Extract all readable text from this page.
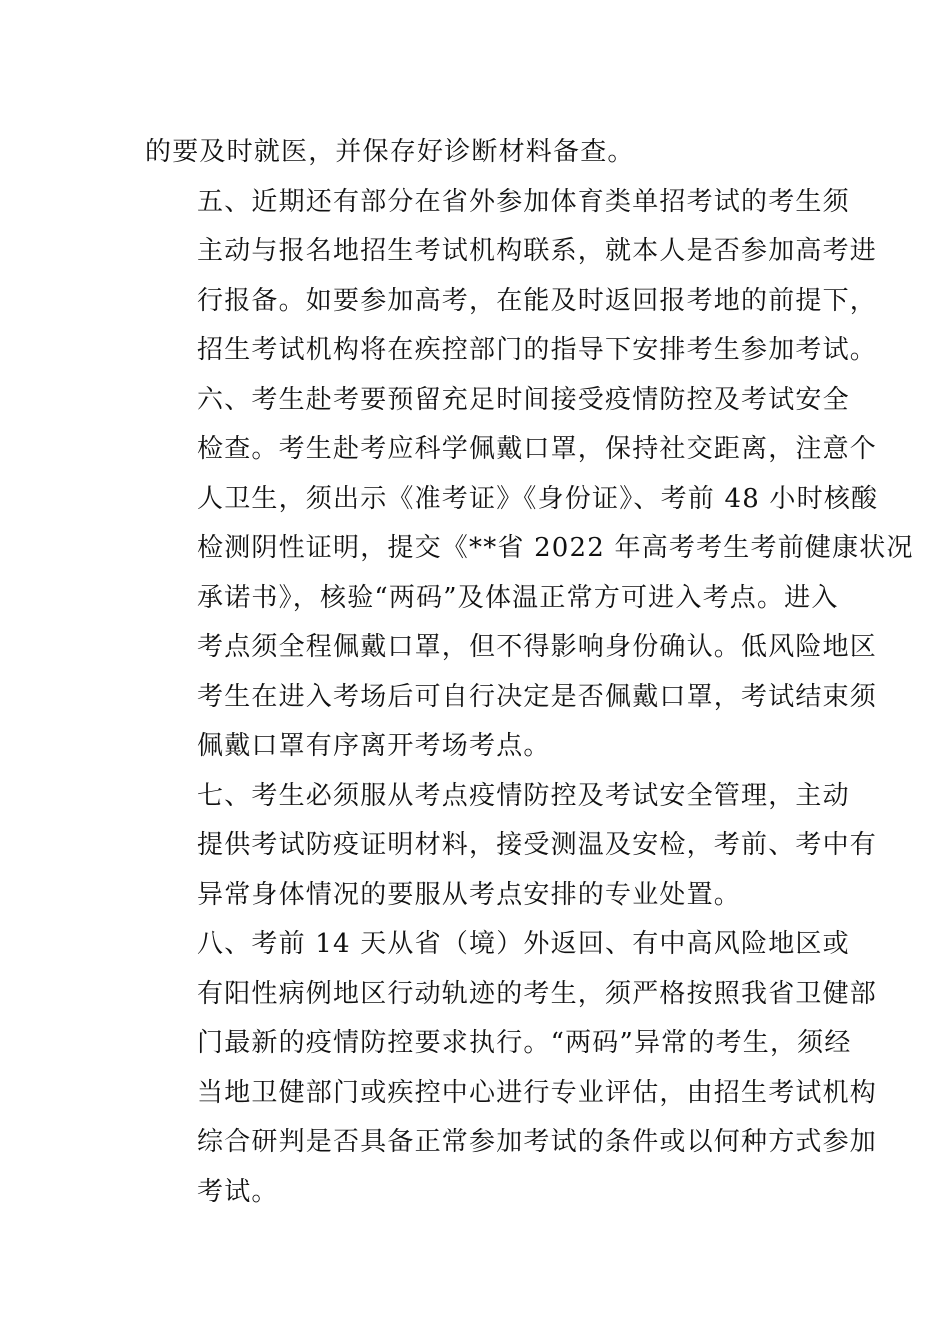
的要及时就医，并保存好诊断材料备查。
五、近期还有部分在省外参加体育类单招考试的考生须
主动与报名地招生考试机构联系，就本人是否参加高考进
行报备。如要参加高考，在能及时返回报考地的前提下，
招生考试机构将在疾控部门的指导下安排考生参加考试。
六、考生赴考要预留充足时间接受疫情防控及考试安全
检查。考生赴考应科学佩戴口罩，保持社交距离，注意个
人卫生，须出示《准考证》《身份证》、考前 48 小时核酸
检测阴性证明，提交《**省 2022 年高考考生考前健康状况
承诺书》，核验“两码”及体温正常方可进入考点。进入
考点须全程佩戴口罩，但不得影响身份确认。低风险地区
考生在进入考场后可自行决定是否佩戴口罩，考试结束须
佩戴口罩有序离开考场考点。
七、考生必须服从考点疫情防控及考试安全管理，主动
提供考试防疫证明材料，接受测温及安检，考前、考中有
异常身体情况的要服从考点安排的专业处置。
八、考前 14 天从省（境）外返回、有中高风险地区或
有阳性病例地区行动轨迹的考生，须严格按照我省卫健部
门最新的疫情防控要求执行。“两码”异常的考生，须经
当地卫健部门或疾控中心进行专业评估，由招生考试机构
综合研判是否具备正常参加考试的条件或以何种方式参加
考试。
